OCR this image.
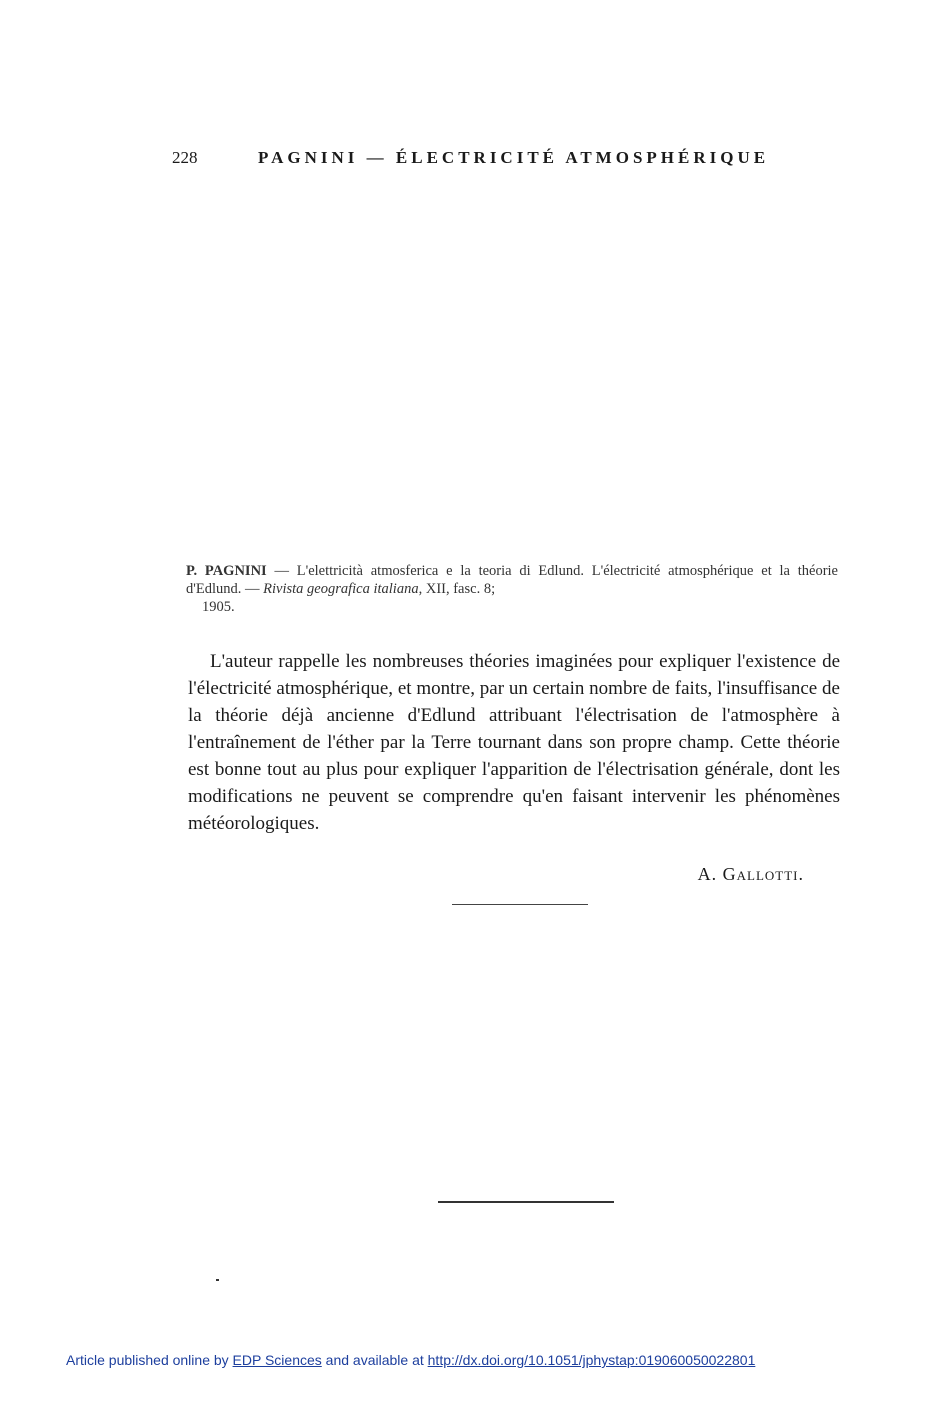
228	PAGNINI — ÉLECTRICITÉ ATMOSPHÉRIQUE
P. PAGNINI — L'elettricità atmosferica e la teoria di Edlund. L'électricité atmosphérique et la théorie d'Edlund. — Rivista geografica italiana, XII, fasc. 8;
1905.

L'auteur rappelle les nombreuses théories imaginées pour expliquer l'existence de l'électricité atmosphérique, et montre, par un certain nombre de faits, l'insuffisance de la théorie déjà ancienne d'Edlund attribuant l'électrisation de l'atmosphère à l'entraînement de l'éther par la Terre tournant dans son propre champ. Cette théorie est bonne tout au plus pour expliquer l'apparition de l'électrisation générale, dont les modifications ne peuvent se comprendre qu'en faisant intervenir les phénomènes météorologiques.

A. Gallotti.
Article published online by EDP Sciences and available at http://dx.doi.org/10.1051/jphystap:019060050022801
